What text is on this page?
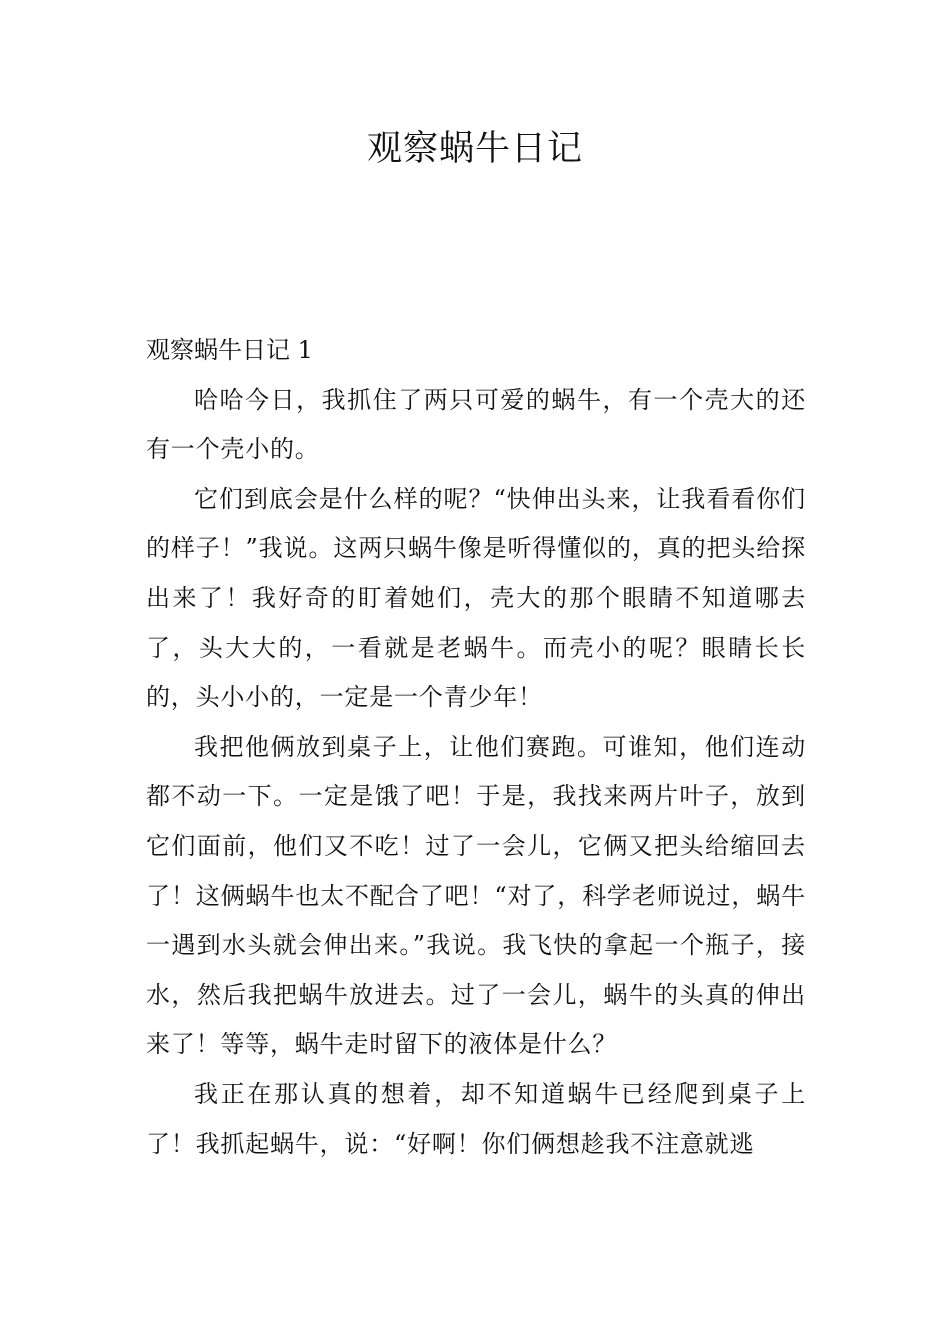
观察蜗牛日记

观察蜗牛日记 1

哈哈今日，我抓住了两只可爱的蜗牛，有一个壳大的还有一个壳小的。

它们到底会是什么样的呢？“快伸出头来，让我看看你们的样子！”我说。这两只蜗牛像是听得懂似的，真的把头给探出来了！我好奇的盯着她们，壳大的那个眼睛不知道哪去了，头大大的，一看就是老蜗牛。而壳小的呢？眼睛长长的，头小小的，一定是一个青少年！

我把他俩放到桌子上，让他们赛跑。可谁知，他们连动都不动一下。一定是饿了吧！于是，我找来两片叶子，放到它们面前，他们又不吃！过了一会儿，它俩又把头给缩回去了！这俩蜗牛也太不配合了吧！“对了，科学老师说过，蜗牛一遇到水头就会伸出来。”我说。我飞快的拿起一个瓶子，接水，然后我把蜗牛放进去。过了一会儿，蜗牛的头真的伸出来了！等等，蜗牛走时留下的液体是什么？

我正在那认真的想着，却不知道蜗牛已经爬到桌子上了！我抓起蜗牛，说：“好啊！你们俩想趁我不注意就逃
